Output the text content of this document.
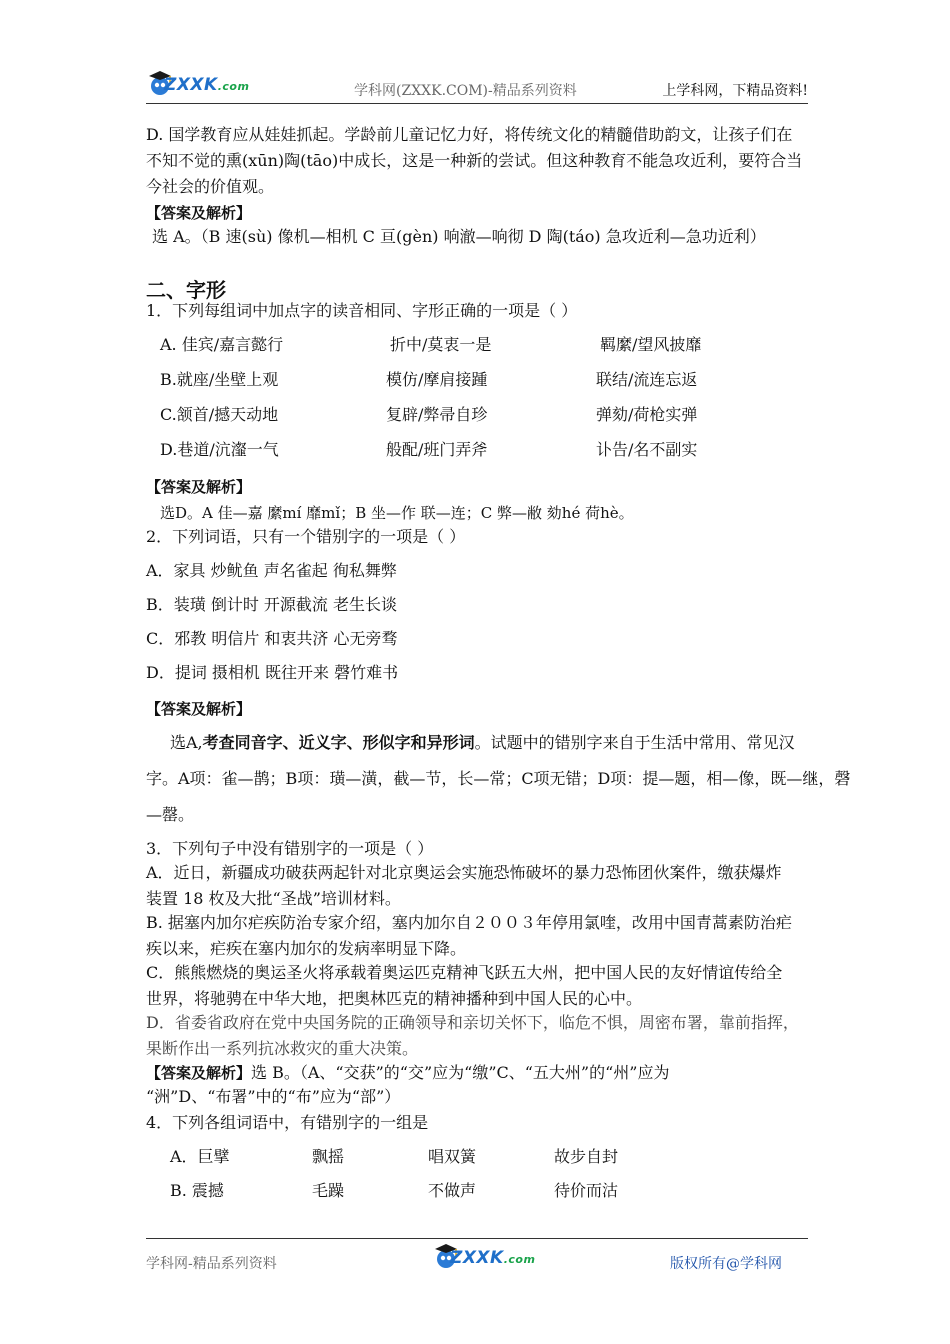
ZXXK.com	学科网(ZXXK.COM)-精品系列资料	上学科网，下精品资料!
D. 国学教育应从娃娃抓起。学龄前儿童记忆力好，将传统文化的精髓借助韵文，让孩子们在
不知不觉的熏(xūn)陶(tāo)中成长，这是一种新的尝试。但这种教育不能急攻近利，要符合当
今社会的价值观。
【答案及解析】
选 A。（B 速(sù) 像机—相机 C 亘(gèn) 响澈—响彻 D 陶(táo) 急攻近利—急功近利）
二、字形
1．下列每组词中加点字的读音相同、字形正确的一项是（ ）
A. 佳宾/嘉言懿行	折中/莫衷一是	羁縻/望风披靡
B.就座/坐壁上观	模仿/摩肩接踵	联结/流连忘返
C.颔首/撼天动地	复辟/弊帚自珍	弹劾/荷枪实弹
D.巷道/沆瀣一气	般配/班门弄斧	讣告/名不副实
【答案及解析】
选D。A 佳—嘉 縻mí 靡mǐ；B 坐—作 联—连；C 弊—敝 劾hé 荷hè。
2．下列词语，只有一个错别字的一项是（ ）
A．家具 炒鱿鱼 声名雀起 徇私舞弊
B．装璜 倒计时 开源截流 老生长谈
C．邪教 明信片 和衷共济 心无旁骛
D．提词 摄相机 既往开来 磬竹难书
【答案及解析】
选A,考查同音字、近义字、形似字和异形词。试题中的错别字来自于生活中常用、常见汉
字。A项：雀—鹊；B项：璜—潢，截—节，长—常；C项无错；D项：提—题，相—像，既—继，磬
—罄。
3．下列句子中没有错别字的一项是（ ）
A．近日，新疆成功破获两起针对北京奥运会实施恐怖破坏的暴力恐怖团伙案件，缴获爆炸
装置 18 枚及大批“圣战”培训材料。
B. 据塞内加尔疟疾防治专家介绍，塞内加尔自２００３年停用氯喹，改用中国青蒿素防治疟
疾以来，疟疾在塞内加尔的发病率明显下降。
C．熊熊燃烧的奥运圣火将承载着奥运匹克精神飞跃五大州，把中国人民的友好情谊传给全
世界，将驰骋在中华大地，把奥林匹克的精神播种到中国人民的心中。
D．省委省政府在党中央国务院的正确领导和亲切关怀下，临危不惧，周密布署，靠前指挥，
果断作出一系列抗冰救灾的重大决策。
【答案及解析】选 B。（A、“交获”的“交”应为“缴”C、“五大州”的“州”应为
“洲”D、“布署”中的“布”应为“部”）
4．下列各组词语中，有错别字的一组是
A．巨擘	飘摇	唱双簧	故步自封
B. 震撼	毛躁	不做声	待价而沽
学科网-精品系列资料	ZXXK.com	版权所有@学科网
